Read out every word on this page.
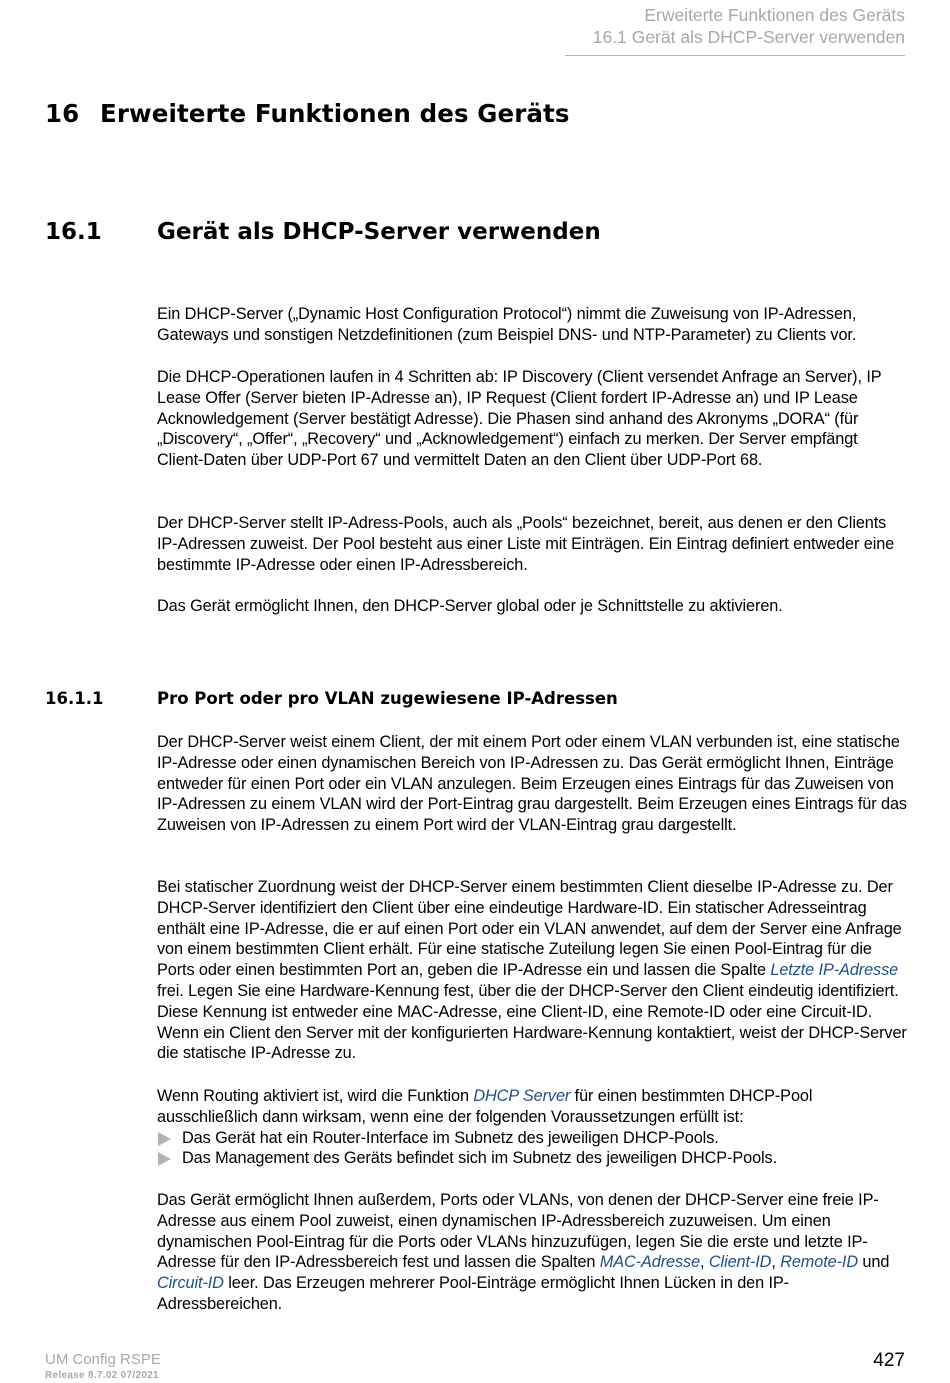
Erweiterte Funktionen des Geräts
16.1 Gerät als DHCP-Server verwenden
16 Erweiterte Funktionen des Geräts
16.1 Gerät als DHCP-Server verwenden

Ein DHCP-Server („Dynamic Host Configuration Protocol“) nimmt die Zuweisung von IP-Adressen, Gateways und sonstigen Netzdefinitionen (zum Beispiel DNS- und NTP-Parameter) zu Clients vor.

Die DHCP-Operationen laufen in 4 Schritten ab: IP Discovery (Client versendet Anfrage an Server), IP Lease Offer (Server bieten IP-Adresse an), IP Request (Client fordert IP-Adresse an) und IP Lease Acknowledgement (Server bestätigt Adresse). Die Phasen sind anhand des Akronyms „DORA“ (für „Discovery“, „Offer“, „Recovery“ und „Acknowledgement“) einfach zu merken. Der Server empfängt Client-Daten über UDP-Port 67 und vermittelt Daten an den Client über UDP-Port 68.

Der DHCP-Server stellt IP-Adress-Pools, auch als „Pools“ bezeichnet, bereit, aus denen er den Clients IP-Adressen zuweist. Der Pool besteht aus einer Liste mit Einträgen. Ein Eintrag definiert entweder eine bestimmte IP-Adresse oder einen IP-Adressbereich.

Das Gerät ermöglicht Ihnen, den DHCP-Server global oder je Schnittstelle zu aktivieren.

16.1.1	Pro Port oder pro VLAN zugewiesene IP-Adressen

Der DHCP-Server weist einem Client, der mit einem Port oder einem VLAN verbunden ist, eine statische IP-Adresse oder einen dynamischen Bereich von IP-Adressen zu. Das Gerät ermöglicht Ihnen, Einträge entweder für einen Port oder ein VLAN anzulegen. Beim Erzeugen eines Eintrags für das Zuweisen von IP-Adressen zu einem VLAN wird der Port-Eintrag grau dargestellt. Beim Erzeugen eines Eintrags für das Zuweisen von IP-Adressen zu einem Port wird der VLAN-Eintrag grau dargestellt.

Bei statischer Zuordnung weist der DHCP-Server einem bestimmten Client dieselbe IP-Adresse zu. Der DHCP-Server identifiziert den Client über eine eindeutige Hardware-ID. Ein statischer Adresseintrag enthält eine IP-Adresse, die er auf einen Port oder ein VLAN anwendet, auf dem der Server eine Anfrage von einem bestimmten Client erhält. Für eine statische Zuteilung legen Sie einen Pool-Eintrag für die Ports oder einen bestimmten Port an, geben die IP-Adresse ein und lassen die Spalte Letzte IP-Adresse frei. Legen Sie eine Hardware-Kennung fest, über die der DHCP-Server den Client eindeutig identifiziert. Diese Kennung ist entweder eine MAC-Adresse, eine Client-ID, eine Remote-ID oder eine Circuit-ID. Wenn ein Client den Server mit der konfigurierten Hardware-Kennung kontaktiert, weist der DHCP-Server die statische IP-Adresse zu.

Wenn Routing aktiviert ist, wird die Funktion DHCP Server für einen bestimmten DHCP-Pool ausschließlich dann wirksam, wenn eine der folgenden Voraussetzungen erfüllt ist:
Das Gerät hat ein Router-Interface im Subnetz des jeweiligen DHCP-Pools.
Das Management des Geräts befindet sich im Subnetz des jeweiligen DHCP-Pools.

Das Gerät ermöglicht Ihnen außerdem, Ports oder VLANs, von denen der DHCP-Server eine freie IP-Adresse aus einem Pool zuweist, einen dynamischen IP-Adressbereich zuzuweisen. Um einen dynamischen Pool-Eintrag für die Ports oder VLANs hinzuzufügen, legen Sie die erste und letzte IP-Adresse für den IP-Adressbereich fest und lassen die Spalten MAC-Adresse, Client-ID, Remote-ID und Circuit-ID leer. Das Erzeugen mehrerer Pool-Einträge ermöglicht Ihnen Lücken in den IP-Adressbereichen.

UM Config RSPE
Release 8.7.02 07/2021
427
